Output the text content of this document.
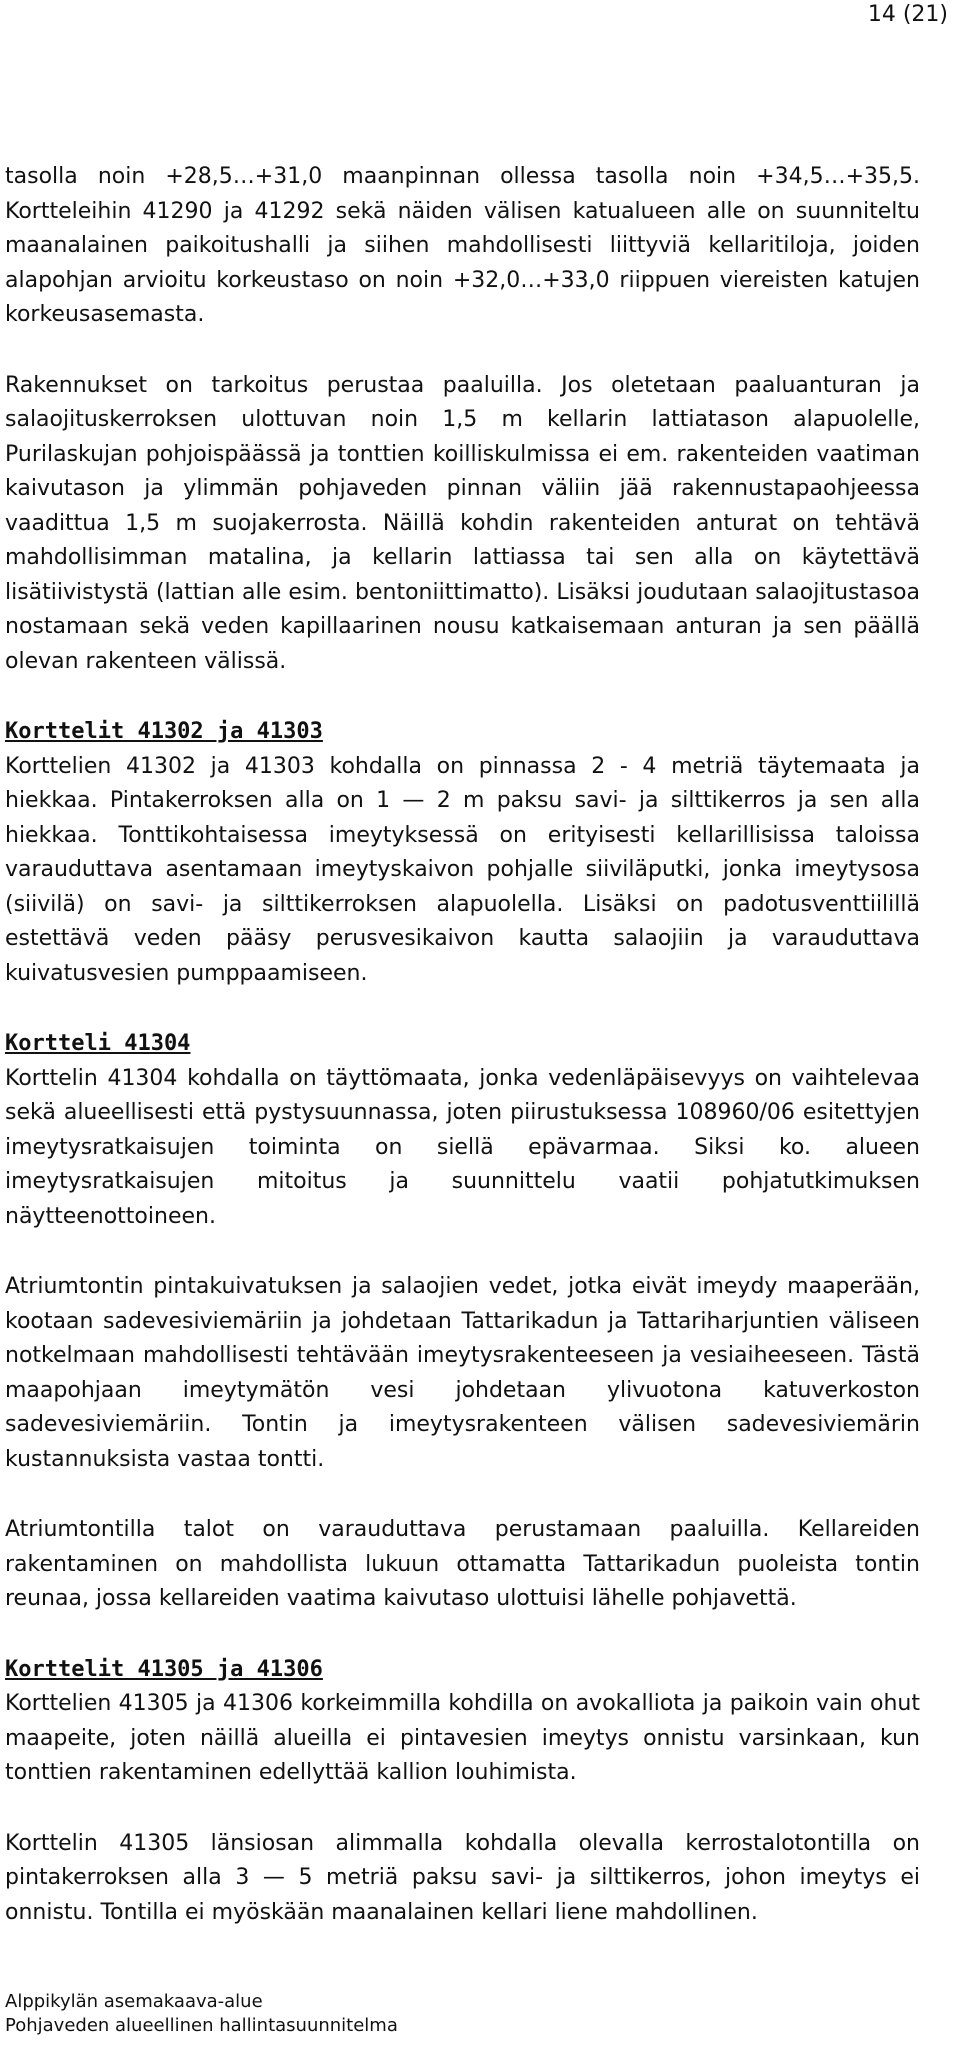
14 (21)

tasolla noin +28,5…+31,0 maanpinnan ollessa tasolla noin +34,5…+35,5. Kortteleihin 41290 ja 41292 sekä näiden välisen katualueen alle on suunniteltu maanalainen paikoitushalli ja siihen mahdollisesti liittyviä kellaritiloja, joiden alapohjan arvioitu korkeustaso on noin +32,0…+33,0 riippuen viereisten katujen korkeusasemasta.

Rakennukset on tarkoitus perustaa paaluilla. Jos oletetaan paaluanturan ja salaojituskerroksen ulottuvan noin 1,5 m kellarin lattiatason alapuolelle, Purilaskujan pohjoispäässä ja tonttien koilliskulmissa ei em. rakenteiden vaatiman kaivutason ja ylimmän pohjaveden pinnan väliin jää rakennustapaohjeessa vaadittua 1,5 m suojakerrosta. Näillä kohdin rakenteiden anturat on tehtävä mahdollisimman matalina, ja kellarin lattiassa tai sen alla on käytettävä lisätiivistystä (lattian alle esim. bentoniittimatto). Lisäksi joudutaan salaojitustasoa nostamaan sekä veden kapillaarinen nousu katkaisemaan anturan ja sen päällä olevan rakenteen välissä.

Korttelit 41302 ja 41303

Korttelien 41302 ja 41303 kohdalla on pinnassa 2 - 4 metriä täytemaata ja hiekkaa. Pintakerroksen alla on 1 — 2 m paksu savi- ja silttikerros ja sen alla hiekkaa. Tonttikohtaisessa imeytyksessä on erityisesti kellarillisissa taloissa varauduttava asentamaan imeytyskaivon pohjalle siiviläputki, jonka imeytysosa (siivilä) on savi- ja silttikerroksen alapuolella. Lisäksi on padotusventtiilillä estettävä veden pääsy perusvesikaivon kautta salaojiin ja varauduttava kuivatusvesien pumppaamiseen.

Kortteli 41304

Korttelin 41304 kohdalla on täyttömaata, jonka vedenläpäisevyys on vaihtelevaa sekä alueellisesti että pystysuunnassa, joten piirustuksessa 108960/06 esitettyjen imeytysratkaisujen toiminta on siellä epävarmaa. Siksi ko. alueen imeytysratkaisujen mitoitus ja suunnittelu vaatii pohjatutkimuksen näytteenottoineen.

Atriumtontin pintakuivatuksen ja salaojien vedet, jotka eivät imeydy maaperään, kootaan sadevesiviemäriin ja johdetaan Tattarikadun ja Tattariharjuntien väliseen notkelmaan mahdollisesti tehtävään imeytysrakenteeseen ja vesiaiheeseen. Tästä maapohjaan imeytymätön vesi johdetaan ylivuotona katuverkoston sadevesiviemäriin. Tontin ja imeytysrakenteen välisen sadevesiviemärin kustannuksista vastaa tontti.

Atriumtontilla talot on varauduttava perustamaan paaluilla. Kellareiden rakentaminen on mahdollista lukuun ottamatta Tattarikadun puoleista tontin reunaa, jossa kellareiden vaatima kaivutaso ulottuisi lähelle pohjavettä.

Korttelit 41305 ja 41306

Korttelien 41305 ja 41306 korkeimmilla kohdilla on avokalliota ja paikoin vain ohut maapeite, joten näillä alueilla ei pintavesien imeytys onnistu varsinkaan, kun tonttien rakentaminen edellyttää kallion louhimista.

Korttelin 41305 länsiosan alimmalla kohdalla olevalla kerrostalotontilla on pintakerroksen alla 3 — 5 metriä paksu savi- ja silttikerros, johon imeytys ei onnistu. Tontilla ei myöskään maanalainen kellari liene mahdollinen.

Alppikylän asemakaava-alue
Pohjaveden alueellinen hallintasuunnitelma
